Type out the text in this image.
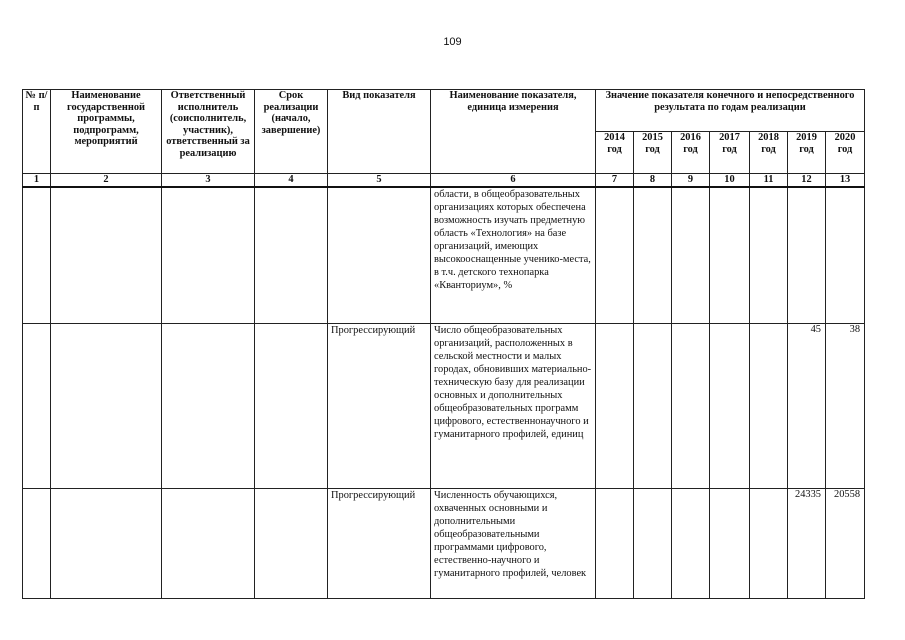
109
№ п/п	Наименование государственной программы, подпрограмм, мероприятий	Ответственный исполнитель (соисполнитель, участник), ответственный за реализацию	Срок реализации (начало, завершение)	Вид показателя	Наименование показателя, единица измерения	Значение показателя конечного и непосредственного результата по годам реализации						
						2014 год	2015 год	2016 год	2017 год	2018 год	2019 год	2020 год
1	2	3	4	5	6	7	8	9	10	11	12	13
					области, в общеобразовательных организациях которых обеспечена возможность изучать предметную область «Технология» на базе организаций, имеющих высокооснащенные ученико-места, в т.ч. детского технопарка «Кванториум», %							
				Прогрессирующий	Число общеобразовательных организаций, расположенных в сельской местности и малых городах, обновивших материально-техническую базу для реализации основных и дополнительных общеобразовательных программ цифрового, естественнонаучного и гуманитарного профилей, единиц						45	38
				Прогрессирующий	Численность обучающихся, охваченных основными и дополнительными общеобразовательными программами цифрового, естественно-научного и гуманитарного профилей, человек						24335	20558
